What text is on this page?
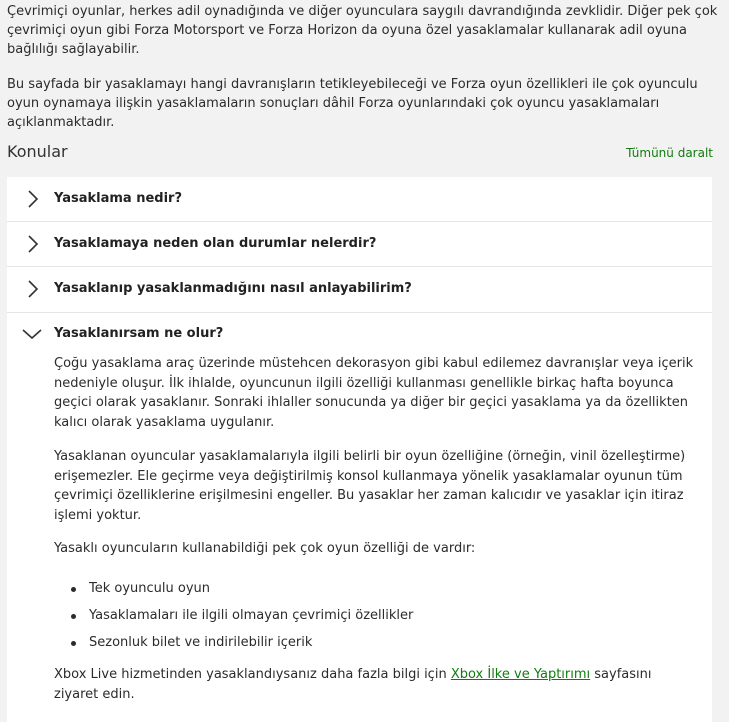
Çevrimiçi oyunlar, herkes adil oynadığında ve diğer oyunculara saygılı davrandığında zevklidir. Diğer pek çok çevrimiçi oyun gibi Forza Motorsport ve Forza Horizon da oyuna özel yasaklamalar kullanarak adil oyuna bağlılığı sağlayabilir.

Bu sayfada bir yasaklamayı hangi davranışların tetikleyebileceği ve Forza oyun özellikleri ile çok oyunculu oyun oynamaya ilişkin yasaklamaların sonuçları dâhil Forza oyunlarındaki çok oyuncu yasaklamaları açıklanmaktadır.

Konular	Tümünü daralt
Yasaklama nedir?
Yasaklamaya neden olan durumlar nelerdir?
Yasaklanıp yasaklanmadığını nasıl anlayabilirim?
Yasaklanırsam ne olur?

Çoğu yasaklama araç üzerinde müstehcen dekorasyon gibi kabul edilemez davranışlar veya içerik nedeniyle oluşur. İlk ihlalde, oyuncunun ilgili özelliği kullanması genellikle birkaç hafta boyunca geçici olarak yasaklanır. Sonraki ihlaller sonucunda ya diğer bir geçici yasaklama ya da özellikten kalıcı olarak yasaklama uygulanır.

Yasaklanan oyuncular yasaklamalarıyla ilgili belirli bir oyun özelliğine (örneğin, vinil özelleştirme) erişemezler. Ele geçirme veya değiştirilmiş konsol kullanmaya yönelik yasaklamalar oyunun tüm çevrimiçi özelliklerine erişilmesini engeller. Bu yasaklar her zaman kalıcıdır ve yasaklar için itiraz işlemi yoktur.

Yasaklı oyuncuların kullanabildiği pek çok oyun özelliği de vardır:

Tek oyunculu oyun
Yasaklamaları ile ilgili olmayan çevrimiçi özellikler
Sezonluk bilet ve indirilebilir içerik

Xbox Live hizmetinden yasaklandıysanız daha fazla bilgi için Xbox İlke ve Yaptırımı sayfasını ziyaret edin.
